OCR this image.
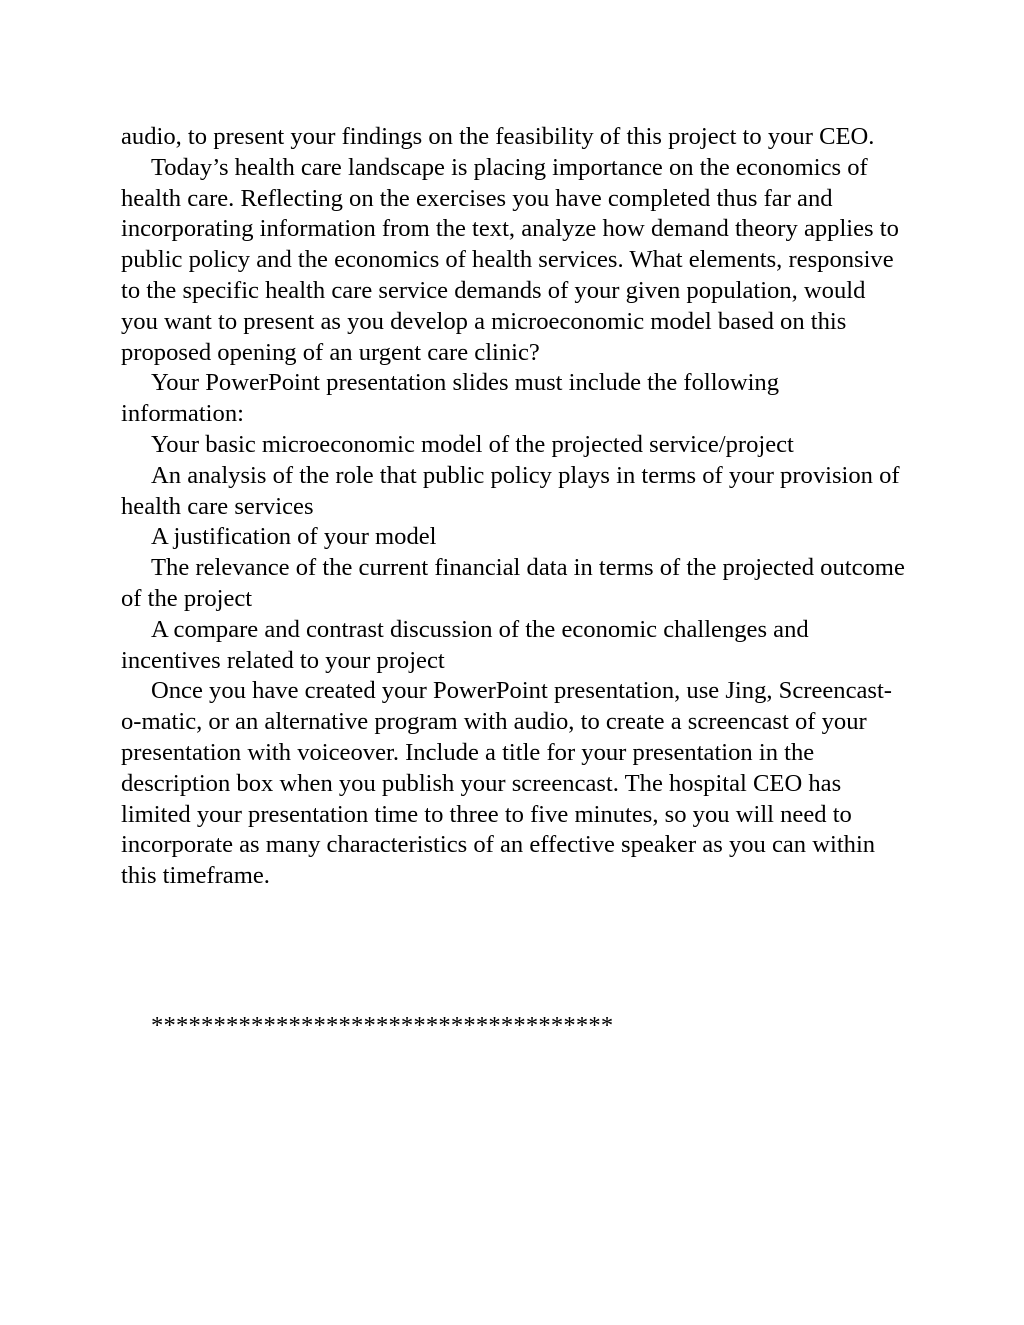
audio, to present your findings on the feasibility of this project to your CEO.

Today’s health care landscape is placing importance on the economics of health care. Reflecting on the exercises you have completed thus far and incorporating information from the text, analyze how demand theory applies to public policy and the economics of health services. What elements, responsive to the specific health care service demands of your given population, would you want to present as you develop a microeconomic model based on this proposed opening of an urgent care clinic?

Your PowerPoint presentation slides must include the following information:

Your basic microeconomic model of the projected service/project

An analysis of the role that public policy plays in terms of your provision of health care services

A justification of your model

The relevance of the current financial data in terms of the projected outcome of the project

A compare and contrast discussion of the economic challenges and incentives related to your project

Once you have created your PowerPoint presentation, use Jing, Screencast-o-matic, or an alternative program with audio, to create a screencast of your presentation with voiceover. Include a title for your presentation in the description box when you publish your screencast. The hospital CEO has limited your presentation time to three to five minutes, so you will need to incorporate as many characteristics of an effective speaker as you can within this timeframe.

*************************************
